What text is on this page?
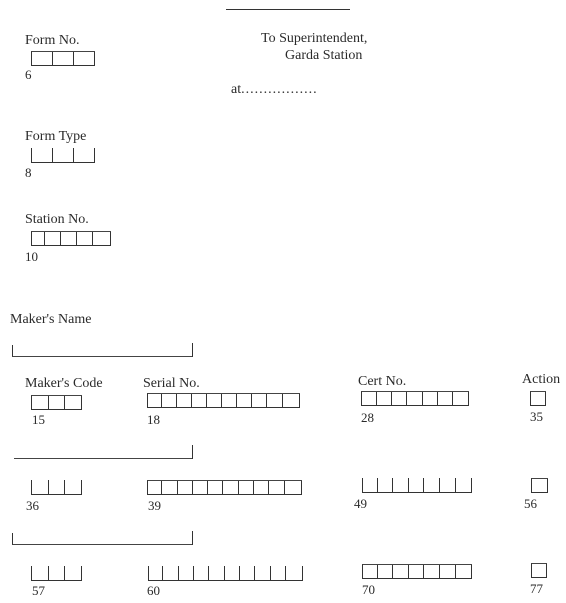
To Superintendent,
Garda Station
at.................
Form No.
6
Form Type
8
Station No.
10
Maker's Name
Maker's Code	Serial No.	Cert No.	Action
15	18	28	35
36	39	49	56
57	60	70	77
